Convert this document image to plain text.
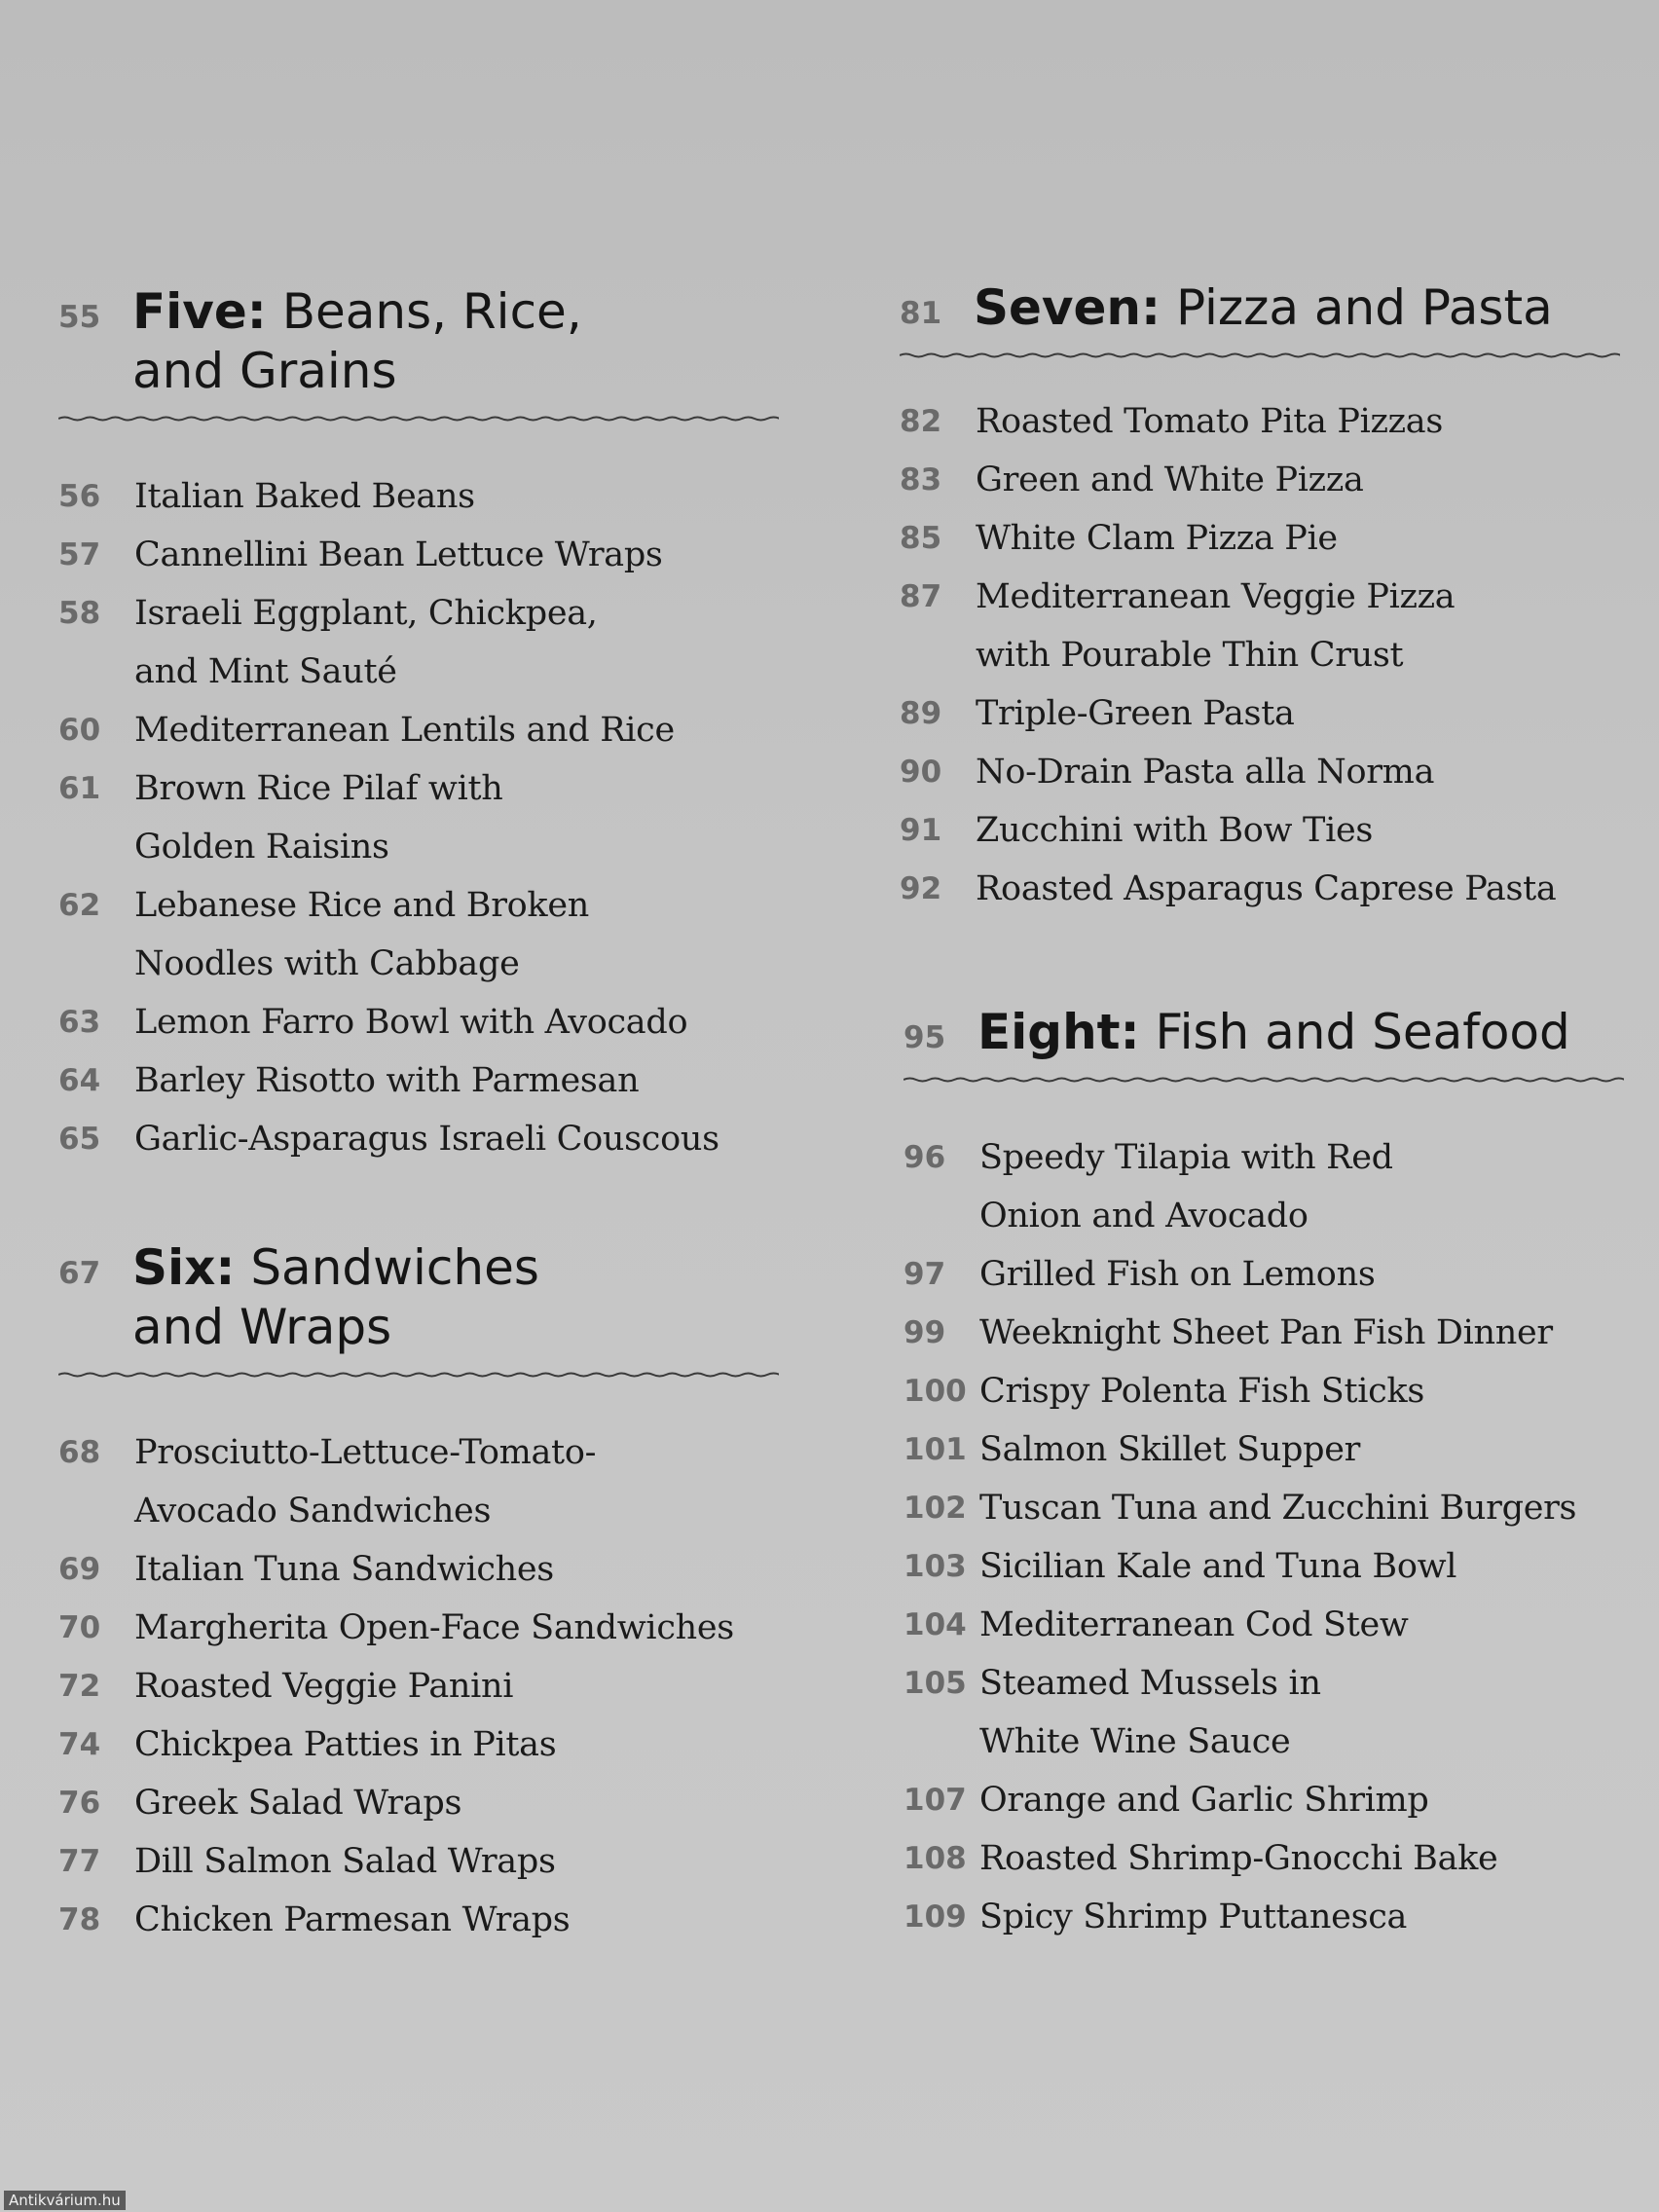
55 Five: Beans, Rice,
and Grains
56 Italian Baked Beans
57 Cannellini Bean Lettuce Wraps
58 Israeli Eggplant, Chickpea,
and Mint Sauté
60 Mediterranean Lentils and Rice
61 Brown Rice Pilaf with
Golden Raisins
62 Lebanese Rice and Broken
Noodles with Cabbage
63 Lemon Farro Bowl with Avocado
64 Barley Risotto with Parmesan
65 Garlic-Asparagus Israeli Couscous
67 Six: Sandwiches
and Wraps
68 Prosciutto-Lettuce-Tomato-
Avocado Sandwiches
69 Italian Tuna Sandwiches
70 Margherita Open-Face Sandwiches
72 Roasted Veggie Panini
74 Chickpea Patties in Pitas
76 Greek Salad Wraps
77 Dill Salmon Salad Wraps
78 Chicken Parmesan Wraps
81 Seven: Pizza and Pasta
82 Roasted Tomato Pita Pizzas
83 Green and White Pizza
85 White Clam Pizza Pie
87 Mediterranean Veggie Pizza
with Pourable Thin Crust
89 Triple-Green Pasta
90 No-Drain Pasta alla Norma
91 Zucchini with Bow Ties
92 Roasted Asparagus Caprese Pasta
95 Eight: Fish and Seafood
96 Speedy Tilapia with Red
Onion and Avocado
97 Grilled Fish on Lemons
99 Weeknight Sheet Pan Fish Dinner
100 Crispy Polenta Fish Sticks
101 Salmon Skillet Supper
102 Tuscan Tuna and Zucchini Burgers
103 Sicilian Kale and Tuna Bowl
104 Mediterranean Cod Stew
105 Steamed Mussels in
White Wine Sauce
107 Orange and Garlic Shrimp
108 Roasted Shrimp-Gnocchi Bake
109 Spicy Shrimp Puttanesca
Antikvárium.hu
